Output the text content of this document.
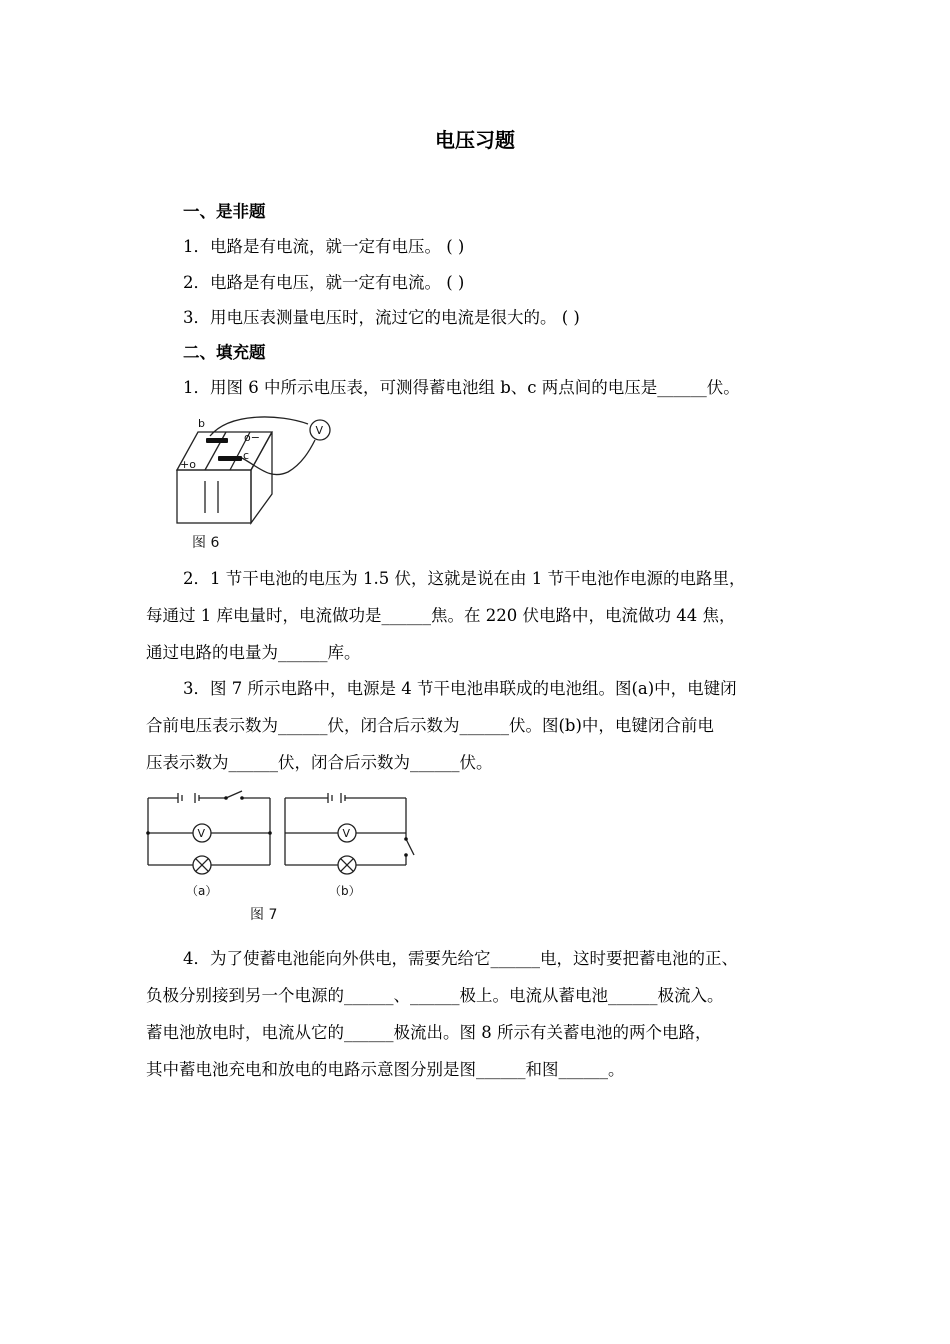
电压习题
一、是非题
1．电路是有电流，就一定有电压。 ( )
2．电路是有电压，就一定有电流。 ( )
3．用电压表测量电压时，流过它的电流是很大的。 ( )
二、填充题
1．用图 6 中所示电压表，可测得蓄电池组 b、c 两点间的电压是______伏。
b
c
+o
o−
V
图 6

2．1 节干电池的电压为 1.5 伏，这就是说在由 1 节干电池作电源的电路里，

每通过 1 库电量时，电流做功是______焦。在 220 伏电路中，电流做功 44 焦，

通过电路的电量为______库。

3．图 7 所示电路中，电源是 4 节干电池串联成的电池组。图(a)中，电键闭

合前电压表示数为______伏，闭合后示数为______伏。图(b)中，电键闭合前电

压表示数为______伏，闭合后示数为______伏。

V	V
（a）	（b）
图 7

4．为了使蓄电池能向外供电，需要先给它______电，这时要把蓄电池的正、

负极分别接到另一个电源的______、______极上。电流从蓄电池______极流入。

蓄电池放电时，电流从它的______极流出。图 8 所示有关蓄电池的两个电路，

其中蓄电池充电和放电的电路示意图分别是图______和图______。
